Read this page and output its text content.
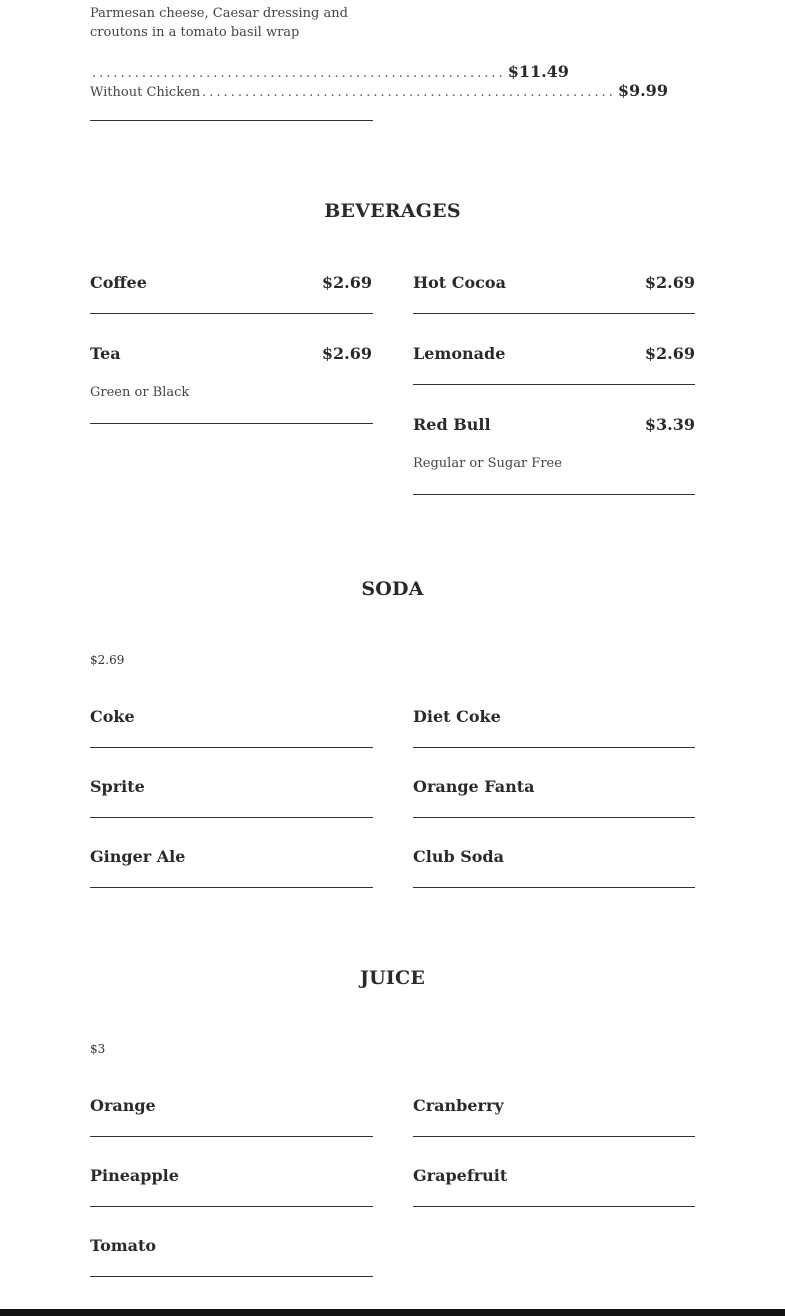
Parmesan cheese, Caesar dressing and croutons in a tomato basil wrap
.......................................................... $11.49
Without Chicken .......................................................... $9.99
BEVERAGES
Coffee	$2.69	Hot Cocoa	$2.69
Tea	$2.69
Green or Black
Lemonade	$2.69
Red Bull	$3.39
Regular or Sugar Free
SODA
$2.69
Coke	Diet Coke
Sprite	Orange Fanta
Ginger Ale	Club Soda
JUICE
$3
Orange	Cranberry
Pineapple	Grapefruit
Tomato
